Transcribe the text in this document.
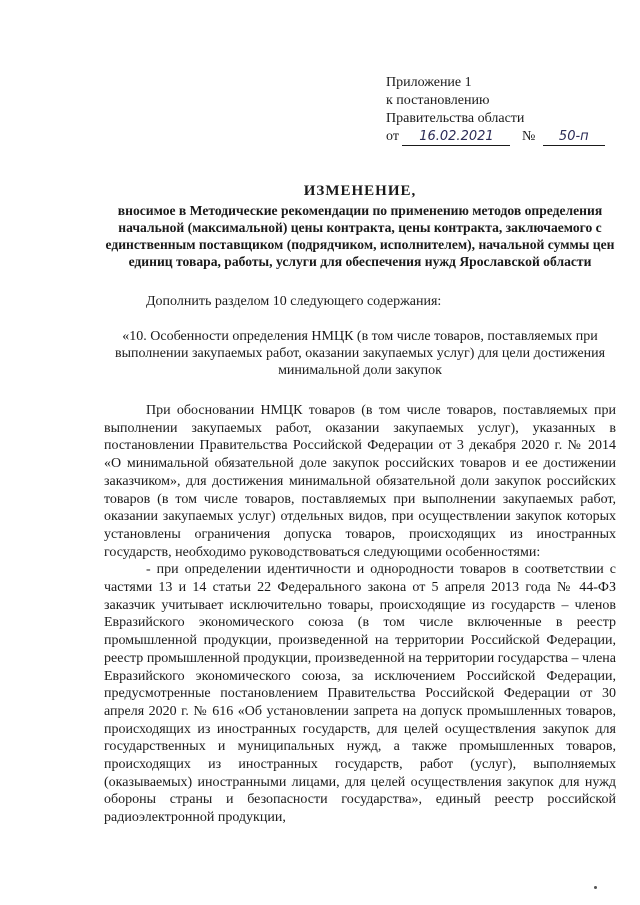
Приложение 1
к постановлению
Правительства области
от 16.02.2021 № 50-п
ИЗМЕНЕНИЕ,
вносимое в Методические рекомендации по применению методов определения начальной (максимальной) цены контракта, цены контракта, заключаемого с единственным поставщиком (подрядчиком, исполнителем), начальной суммы цен единиц товара, работы, услуги для обеспечения нужд Ярославской области
Дополнить разделом 10 следующего содержания:
«10. Особенности определения НМЦК (в том числе товаров, поставляемых при выполнении закупаемых работ, оказании закупаемых услуг) для цели достижения минимальной доли закупок

При обосновании НМЦК товаров (в том числе товаров, поставляемых при выполнении закупаемых работ, оказании закупаемых услуг), указанных в постановлении Правительства Российской Федерации от 3 декабря 2020 г. № 2014 «О минимальной обязательной доле закупок российских товаров и ее достижении заказчиком», для достижения минимальной обязательной доли закупок российских товаров (в том числе товаров, поставляемых при выполнении закупаемых работ, оказании закупаемых услуг) отдельных видов, при осуществлении закупок которых установлены ограничения допуска товаров, происходящих из иностранных государств, необходимо руководствоваться следующими особенностями:

- при определении идентичности и однородности товаров в соответствии с частями 13 и 14 статьи 22 Федерального закона от 5 апреля 2013 года № 44-ФЗ заказчик учитывает исключительно товары, происходящие из государств – членов Евразийского экономического союза (в том числе включенные в реестр промышленной продукции, произведенной на территории Российской Федерации, реестр промышленной продукции, произведенной на территории государства – члена Евразийского экономического союза, за исключением Российской Федерации, предусмотренные постановлением Правительства Российской Федерации от 30 апреля 2020 г. № 616 «Об установлении запрета на допуск промышленных товаров, происходящих из иностранных государств, для целей осуществления закупок для государственных и муниципальных нужд, а также промышленных товаров, происходящих из иностранных государств, работ (услуг), выполняемых (оказываемых) иностранными лицами, для целей осуществления закупок для нужд обороны страны и безопасности государства», единый реестр российской радиоэлектронной продукции,
